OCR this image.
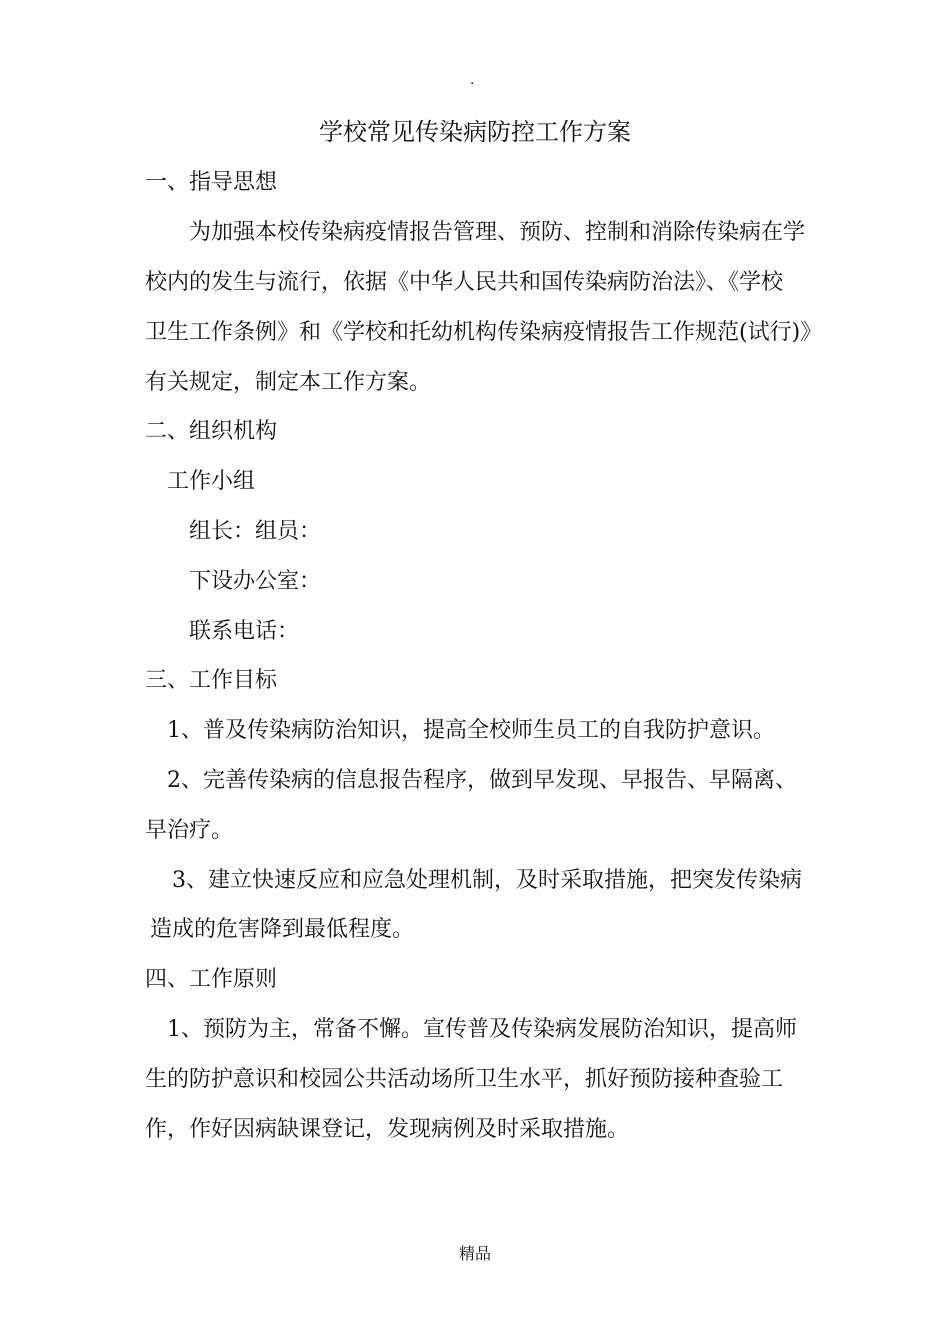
.
学校常见传染病防控工作方案
一、指导思想
为加强本校传染病疫情报告管理、预防、控制和消除传染病在学
校内的发生与流行，依据《中华人民共和国传染病防治法》、《学校
卫生工作条例》和《学校和托幼机构传染病疫情报告工作规范(试行)》
有关规定，制定本工作方案。
二、组织机构
工作小组
组长：组员：
下设办公室：
联系电话：
三、工作目标
1、普及传染病防治知识，提高全校师生员工的自我防护意识。
2、完善传染病的信息报告程序，做到早发现、早报告、早隔离、
早治疗。
3、建立快速反应和应急处理机制，及时采取措施，把突发传染病
造成的危害降到最低程度。
四、工作原则
1、预防为主，常备不懈。宣传普及传染病发展防治知识，提高师
生的防护意识和校园公共活动场所卫生水平，抓好预防接种查验工
作，作好因病缺课登记，发现病例及时采取措施。
精品
